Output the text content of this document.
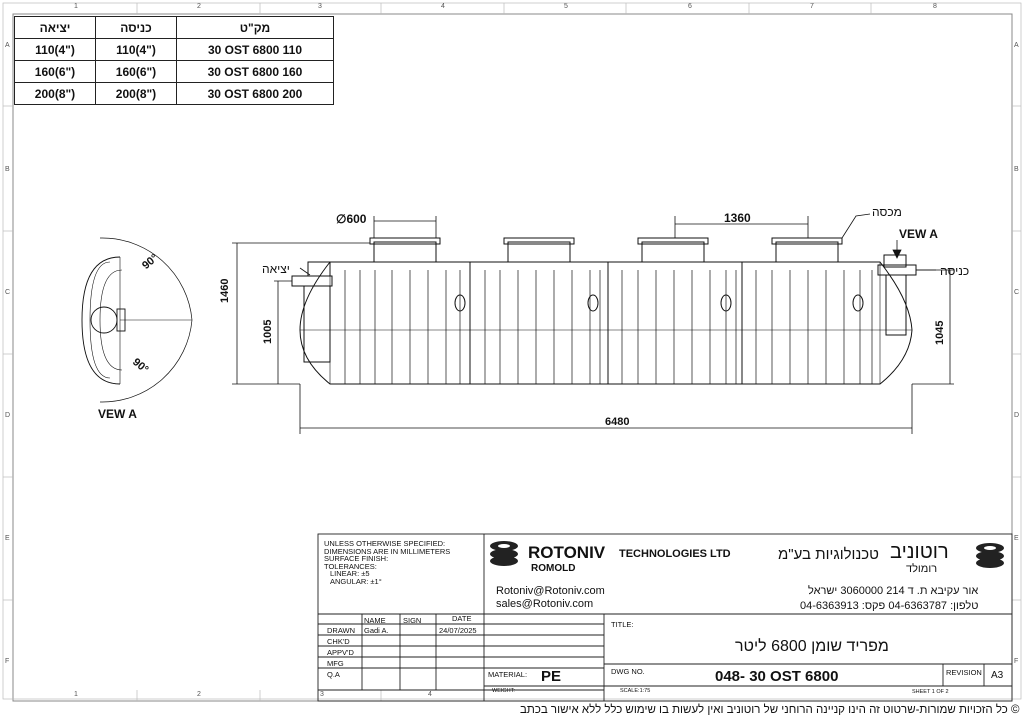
1	2	3	4	5	6	7	8
A
B
C
D
E
F
A
B
C
D
E
F
1	2	3	4
יציאה	כניסה	מק"ט
110(4")	110(4")	30 OST 6800 110
160(6")	160(6")	30 OST 6800 160
200(8")	200(8")	30 OST 6800 200
∅600	1360	מכסה
VEW A
יציאה	כניסה
1460
1005	1045
6480
90°
90°
VEW A
UNLESS OTHERWISE SPECIFIED:
DIMENSIONS ARE IN MILLIMETERS
SURFACE FINISH:
TOLERANCES:
LINEAR: ±5
ANGULAR: ±1°
ROTONIV TECHNOLOGIES LTD
ROMOLD
רוטוניב
טכנולוגיות בע"מ
רומולד
Rotoniv@Rotoniv.com
sales@Rotoniv.com
אור עקיבא ת. ד 214 3060000 ישראל
טלפון: 04-6363787 פקס: 04-6363913
NAME SIGN	DATE
DRAWN Gadi A.	24/07/2025
CHK'D
APPV'D
MFG
Q.A
TITLE:
מפריד שומן 6800 ליטר
MATERIAL: PE	DWG NO.	048- 30 OST 6800	REVISION A3
WEIGHT:	SCALE:1:75	SHEET 1 OF 2
© כל הזכויות שמורות-שרטוט זה הינו קניינה הרוחני של רוטוניב ואין לעשות בו שימוש כלל ללא אישור בכתב
